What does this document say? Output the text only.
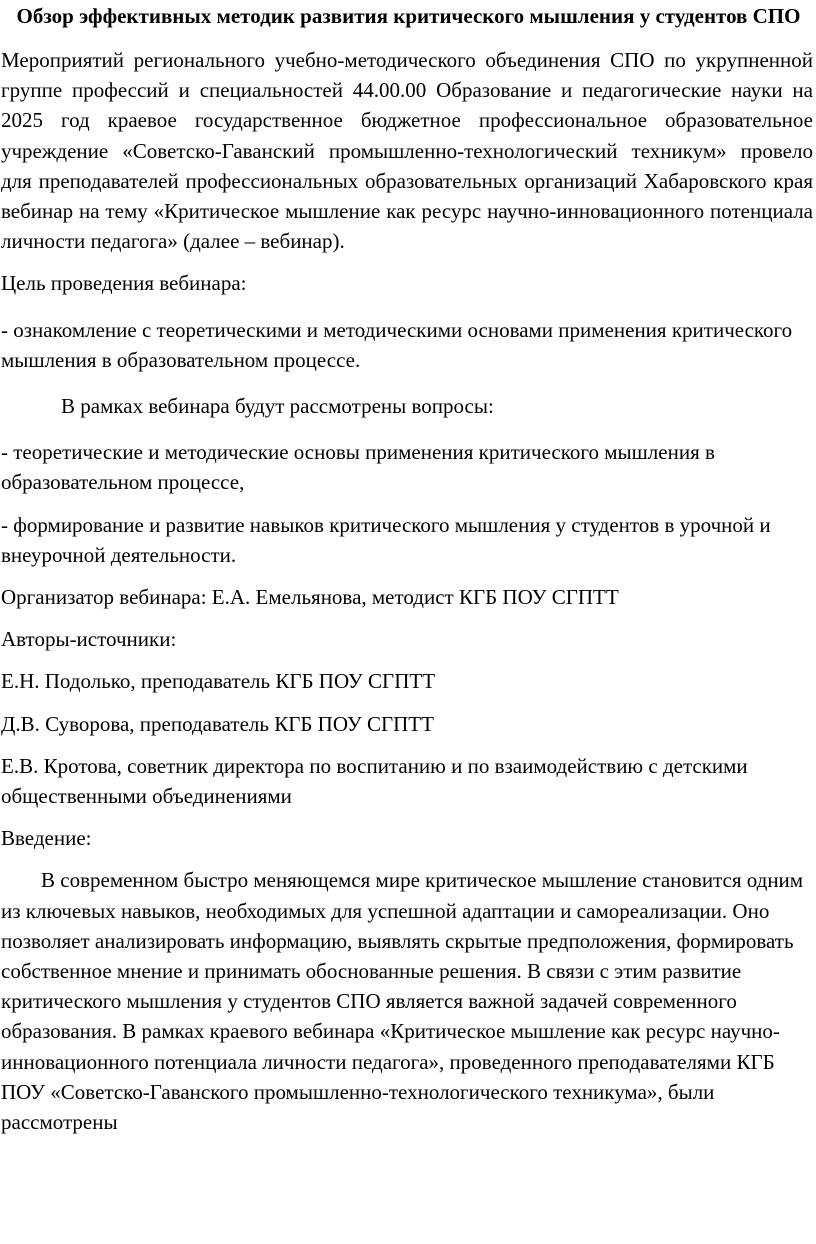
Обзор эффективных методик развития критического мышления у студентов СПО

Мероприятий регионального учебно-методического объединения СПО по укрупненной группе профессий и специальностей 44.00.00 Образование и педагогические науки на 2025 год краевое государственное бюджетное профессиональное образовательное учреждение «Советско-Гаванский промышленно-технологический техникум» провело для преподавателей профессиональных образовательных организаций Хабаровского края вебинар на тему «Критическое мышление как ресурс научно-инновационного потенциала личности педагога» (далее – вебинар).

Цель проведения вебинара:

- ознакомление с теоретическими и методическими основами применения критического мышления в образовательном процессе.

В рамках вебинара будут рассмотрены вопросы:

- теоретические и методические основы применения критического мышления в образовательном процессе,

- формирование и развитие навыков критического мышления у студентов в урочной и внеурочной деятельности.

Организатор вебинара: Е.А. Емельянова, методист КГБ ПОУ СГПТТ

Авторы-источники:

Е.Н. Подолько, преподаватель КГБ ПОУ СГПТТ

Д.В. Суворова, преподаватель КГБ ПОУ СГПТТ

Е.В. Кротова, советник директора по воспитанию и по взаимодействию с детскими общественными объединениями

Введение:

В современном быстро меняющемся мире критическое мышление становится одним из ключевых навыков, необходимых для успешной адаптации и самореализации. Оно позволяет анализировать информацию, выявлять скрытые предположения, формировать собственное мнение и принимать обоснованные решения. В связи с этим развитие критического мышления у студентов СПО является важной задачей современного образования. В рамках краевого вебинара «Критическое мышление как ресурс научно-инновационного потенциала личности педагога», проведенного преподавателями КГБ ПОУ «Советско-Гаванского промышленно-технологического техникума», были рассмотрены
